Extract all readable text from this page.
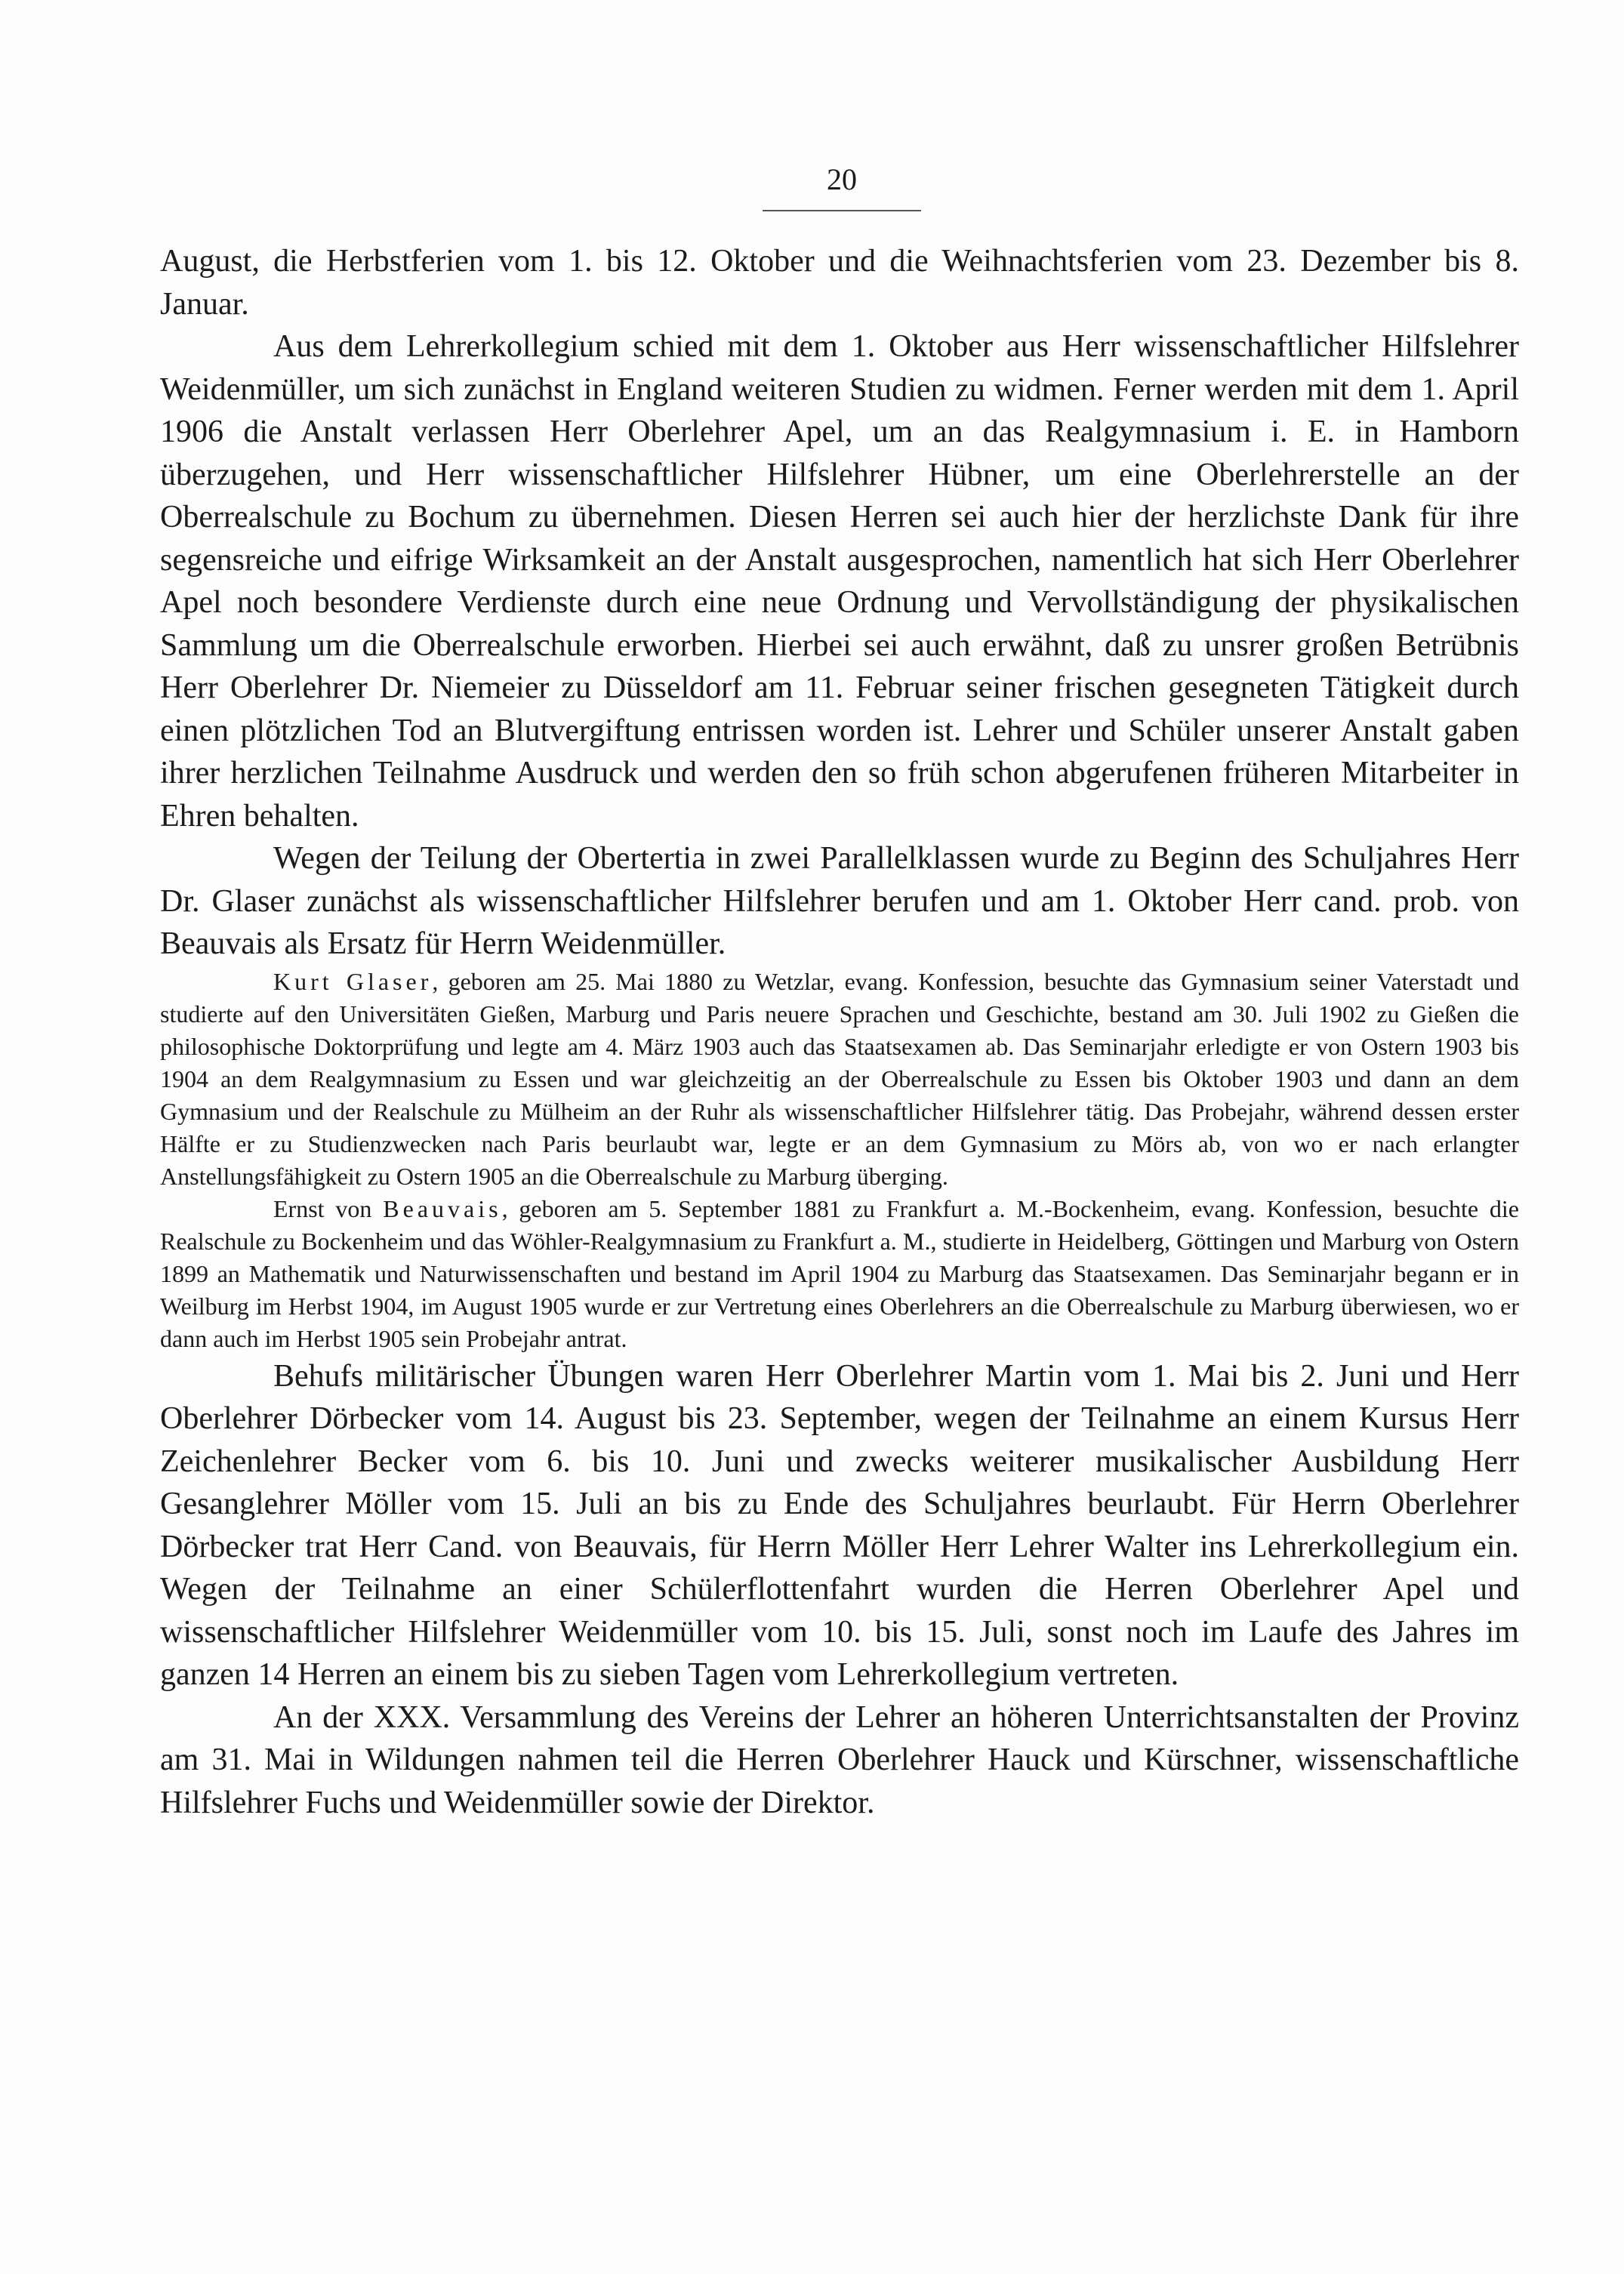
20

August, die Herbstferien vom 1. bis 12. Oktober und die Weihnachtsferien vom 23. Dezember bis 8. Januar.

Aus dem Lehrerkollegium schied mit dem 1. Oktober aus Herr wissenschaftlicher Hilfslehrer Weidenmüller, um sich zunächst in England weiteren Studien zu widmen. Ferner werden mit dem 1. April 1906 die Anstalt verlassen Herr Oberlehrer Apel, um an das Realgymnasium i. E. in Hamborn überzugehen, und Herr wissenschaftlicher Hilfslehrer Hübner, um eine Oberlehrerstelle an der Oberrealschule zu Bochum zu übernehmen. Diesen Herren sei auch hier der herzlichste Dank für ihre segensreiche und eifrige Wirksamkeit an der Anstalt ausgesprochen, namentlich hat sich Herr Oberlehrer Apel noch besondere Verdienste durch eine neue Ordnung und Vervollständigung der physikalischen Sammlung um die Oberrealschule erworben. Hierbei sei auch erwähnt, daß zu unsrer großen Betrübnis Herr Oberlehrer Dr. Niemeier zu Düsseldorf am 11. Februar seiner frischen gesegneten Tätigkeit durch einen plötzlichen Tod an Blutvergiftung entrissen worden ist. Lehrer und Schüler unserer Anstalt gaben ihrer herzlichen Teilnahme Ausdruck und werden den so früh schon abgerufenen früheren Mitarbeiter in Ehren behalten.

Wegen der Teilung der Obertertia in zwei Parallelklassen wurde zu Beginn des Schuljahres Herr Dr. Glaser zunächst als wissenschaftlicher Hilfslehrer berufen und am 1. Oktober Herr cand. prob. von Beauvais als Ersatz für Herrn Weidenmüller.

Kurt Glaser, geboren am 25. Mai 1880 zu Wetzlar, evang. Konfession, besuchte das Gymnasium seiner Vaterstadt und studierte auf den Universitäten Gießen, Marburg und Paris neuere Sprachen und Geschichte, bestand am 30. Juli 1902 zu Gießen die philosophische Doktorprüfung und legte am 4. März 1903 auch das Staatsexamen ab. Das Seminarjahr erledigte er von Ostern 1903 bis 1904 an dem Realgymnasium zu Essen und war gleichzeitig an der Oberrealschule zu Essen bis Oktober 1903 und dann an dem Gymnasium und der Realschule zu Mülheim an der Ruhr als wissenschaftlicher Hilfslehrer tätig. Das Probejahr, während dessen erster Hälfte er zu Studienzwecken nach Paris beurlaubt war, legte er an dem Gymnasium zu Mörs ab, von wo er nach erlangter Anstellungsfähigkeit zu Ostern 1905 an die Oberrealschule zu Marburg überging.

Ernst von Beauvais, geboren am 5. September 1881 zu Frankfurt a. M.-Bockenheim, evang. Konfession, besuchte die Realschule zu Bockenheim und das Wöhler-Realgymnasium zu Frankfurt a. M., studierte in Heidelberg, Göttingen und Marburg von Ostern 1899 an Mathematik und Naturwissenschaften und bestand im April 1904 zu Marburg das Staatsexamen. Das Seminarjahr begann er in Weilburg im Herbst 1904, im August 1905 wurde er zur Vertretung eines Oberlehrers an die Oberrealschule zu Marburg überwiesen, wo er dann auch im Herbst 1905 sein Probejahr antrat.

Behufs militärischer Übungen waren Herr Oberlehrer Martin vom 1. Mai bis 2. Juni und Herr Oberlehrer Dörbecker vom 14. August bis 23. September, wegen der Teilnahme an einem Kursus Herr Zeichenlehrer Becker vom 6. bis 10. Juni und zwecks weiterer musikalischer Ausbildung Herr Gesanglehrer Möller vom 15. Juli an bis zu Ende des Schuljahres beurlaubt. Für Herrn Oberlehrer Dörbecker trat Herr Cand. von Beauvais, für Herrn Möller Herr Lehrer Walter ins Lehrerkollegium ein. Wegen der Teilnahme an einer Schülerflottenfahrt wurden die Herren Oberlehrer Apel und wissenschaftlicher Hilfslehrer Weidenmüller vom 10. bis 15. Juli, sonst noch im Laufe des Jahres im ganzen 14 Herren an einem bis zu sieben Tagen vom Lehrerkollegium vertreten.

An der XXX. Versammlung des Vereins der Lehrer an höheren Unterrichtsanstalten der Provinz am 31. Mai in Wildungen nahmen teil die Herren Oberlehrer Hauck und Kürschner, wissenschaftliche Hilfslehrer Fuchs und Weidenmüller sowie der Direktor.
